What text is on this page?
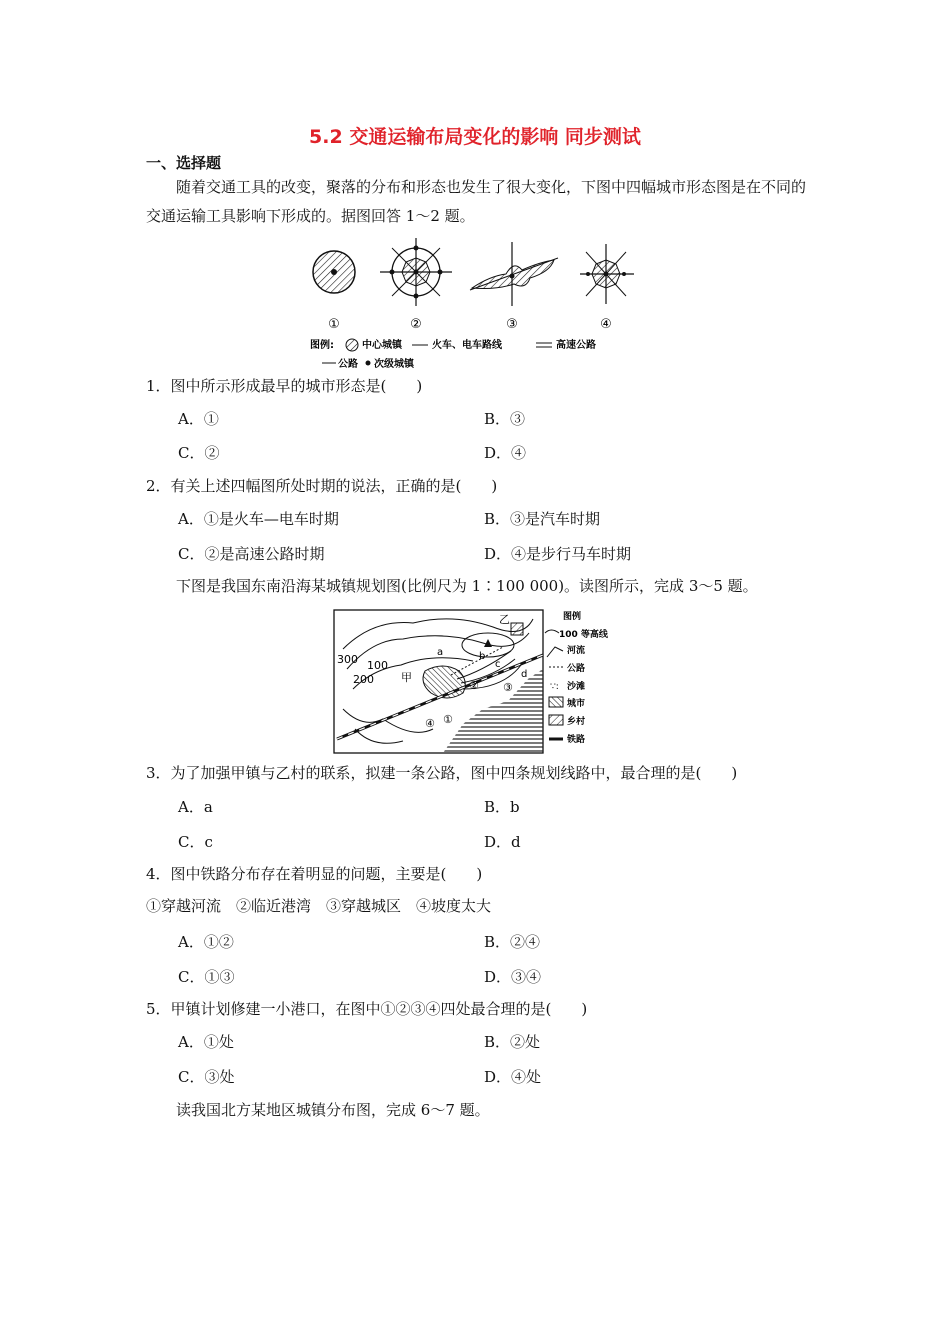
5.2 交通运输布局变化的影响 同步测试
一、选择题
随着交通工具的改变，聚落的分布和形态也发生了很大变化，下图中四幅城市形态图是在不同的交通运输工具影响下形成的。据图回答 1～2 题。
①	②	③	④
图例:	中心城镇	火车、电车路线	高速公路
公路 次级城镇
1．图中所示形成最早的城市形态是(　　)
A．①	B．③
C．②	D．④
2．有关上述四幅图所处时期的说法，正确的是(　　)
A．①是火车—电车时期	B．③是汽车时期
C．②是高速公路时期	D．④是步行马车时期
下图是我国东南沿海某城镇规划图(比例尺为 1∶100 000)。读图所示，完成 3～5 题。
300 100
200 甲
乙
a	b
c
d
①
② ③
④
图例
100 等高线
河流
公路
∵: 沙滩
城市
乡村
铁路
3．为了加强甲镇与乙村的联系，拟建一条公路，图中四条规划线路中，最合理的是(　　)
A．a	B．b
C．c	D．d
4．图中铁路分布存在着明显的问题，主要是(　　)
①穿越河流　②临近港湾　③穿越城区　④坡度太大
A．①②	B．②④
C．①③	D．③④
5．甲镇计划修建一小港口，在图中①②③④四处最合理的是(　　)
A．①处	B．②处
C．③处	D．④处
读我国北方某地区城镇分布图，完成 6～7 题。
